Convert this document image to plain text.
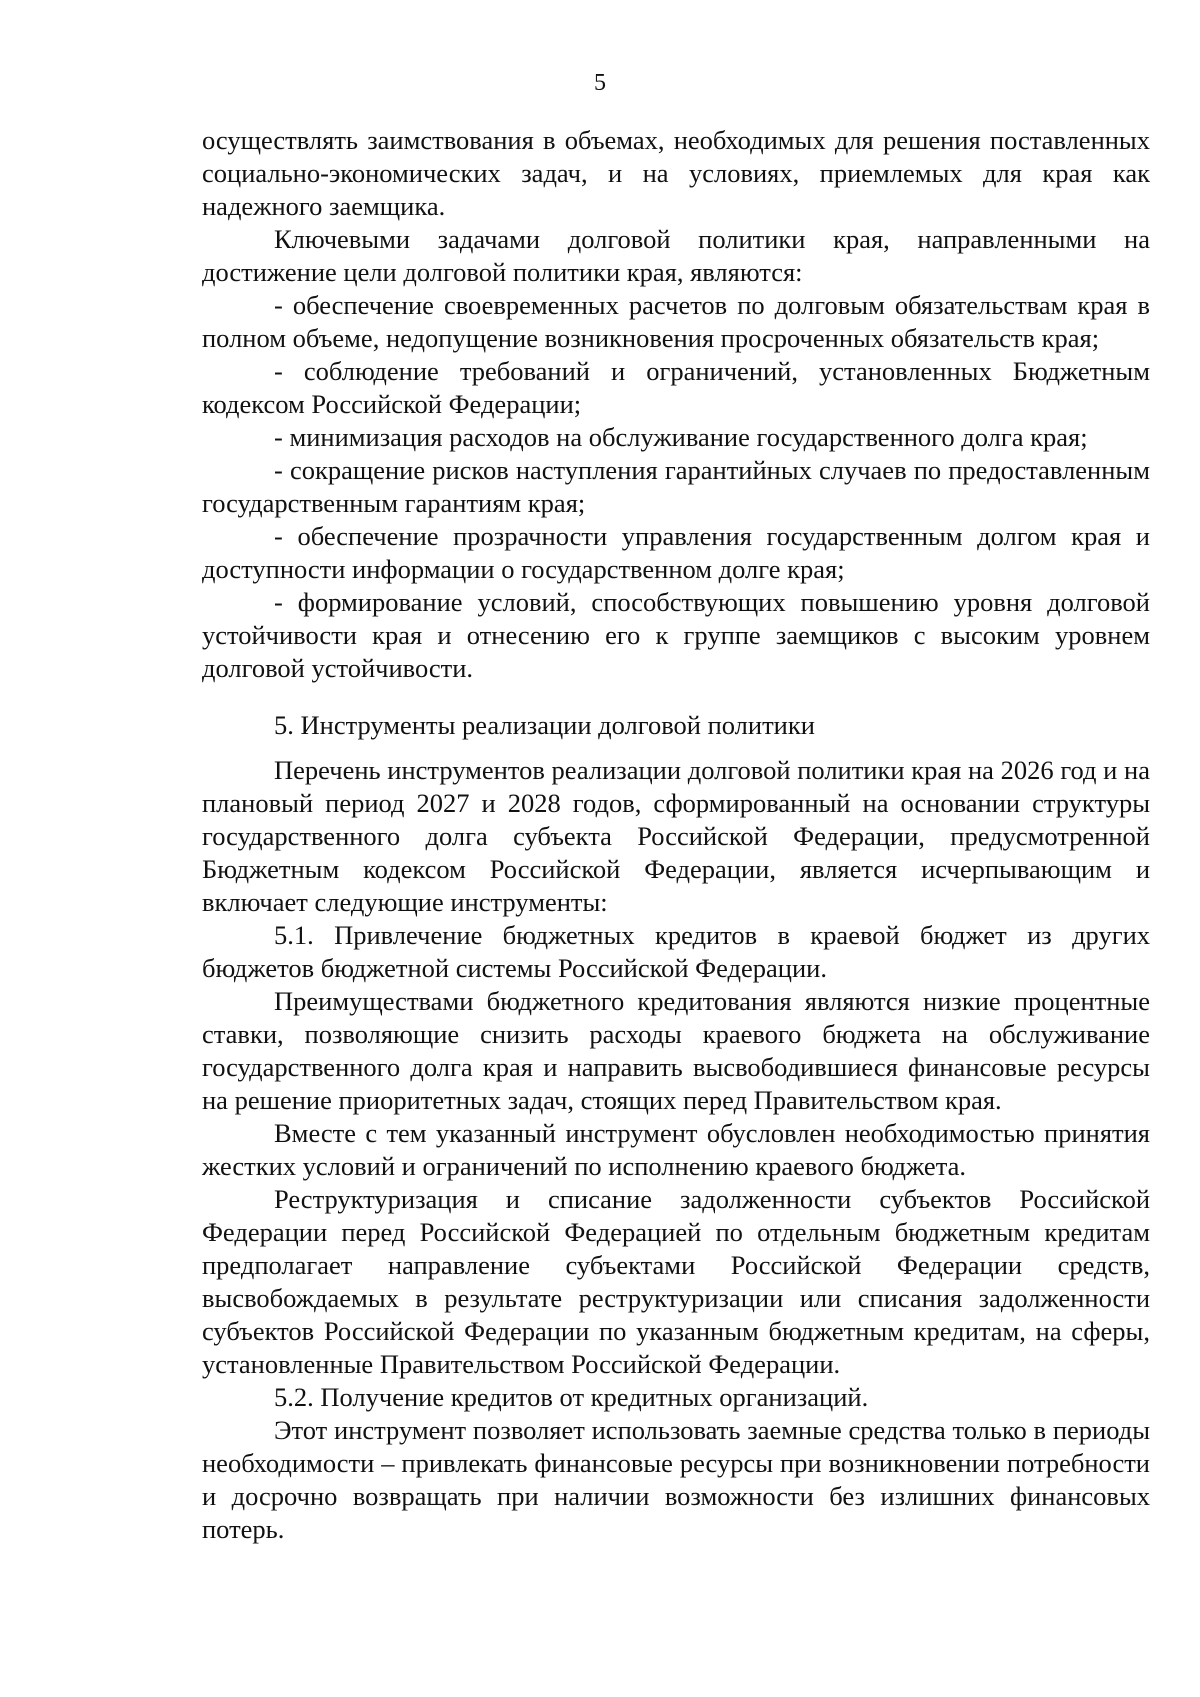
5

осуществлять заимствования в объемах, необходимых для решения поставленных социально-экономических задач, и на условиях, приемлемых для края как надежного заемщика.

Ключевыми задачами долговой политики края, направленными на достижение цели долговой политики края, являются:

- обеспечение своевременных расчетов по долговым обязательствам края в полном объеме, недопущение возникновения просроченных обязательств края;

- соблюдение требований и ограничений, установленных Бюджетным кодексом Российской Федерации;

- минимизация расходов на обслуживание государственного долга края;

- сокращение рисков наступления гарантийных случаев по предоставленным государственным гарантиям края;

- обеспечение прозрачности управления государственным долгом края и доступности информации о государственном долге края;

- формирование условий, способствующих повышению уровня долговой устойчивости края и отнесению его к группе заемщиков с высоким уровнем долговой устойчивости.

5. Инструменты реализации долговой политики

Перечень инструментов реализации долговой политики края на 2026 год и на плановый период 2027 и 2028 годов, сформированный на основании структуры государственного долга субъекта Российской Федерации, предусмотренной Бюджетным кодексом Российской Федерации, является исчерпывающим и включает следующие инструменты:

5.1. Привлечение бюджетных кредитов в краевой бюджет из других бюджетов бюджетной системы Российской Федерации.

Преимуществами бюджетного кредитования являются низкие процентные ставки, позволяющие снизить расходы краевого бюджета на обслуживание государственного долга края и направить высвободившиеся финансовые ресурсы на решение приоритетных задач, стоящих перед Правительством края.

Вместе с тем указанный инструмент обусловлен необходимостью принятия жестких условий и ограничений по исполнению краевого бюджета.

Реструктуризация и списание задолженности субъектов Российской Федерации перед Российской Федерацией по отдельным бюджетным кредитам предполагает направление субъектами Российской Федерации средств, высвобождаемых в результате реструктуризации или списания задолженности субъектов Российской Федерации по указанным бюджетным кредитам, на сферы, установленные Правительством Российской Федерации.

5.2. Получение кредитов от кредитных организаций.

Этот инструмент позволяет использовать заемные средства только в периоды необходимости – привлекать финансовые ресурсы при возникновении потребности и досрочно возвращать при наличии возможности без излишних финансовых потерь.
